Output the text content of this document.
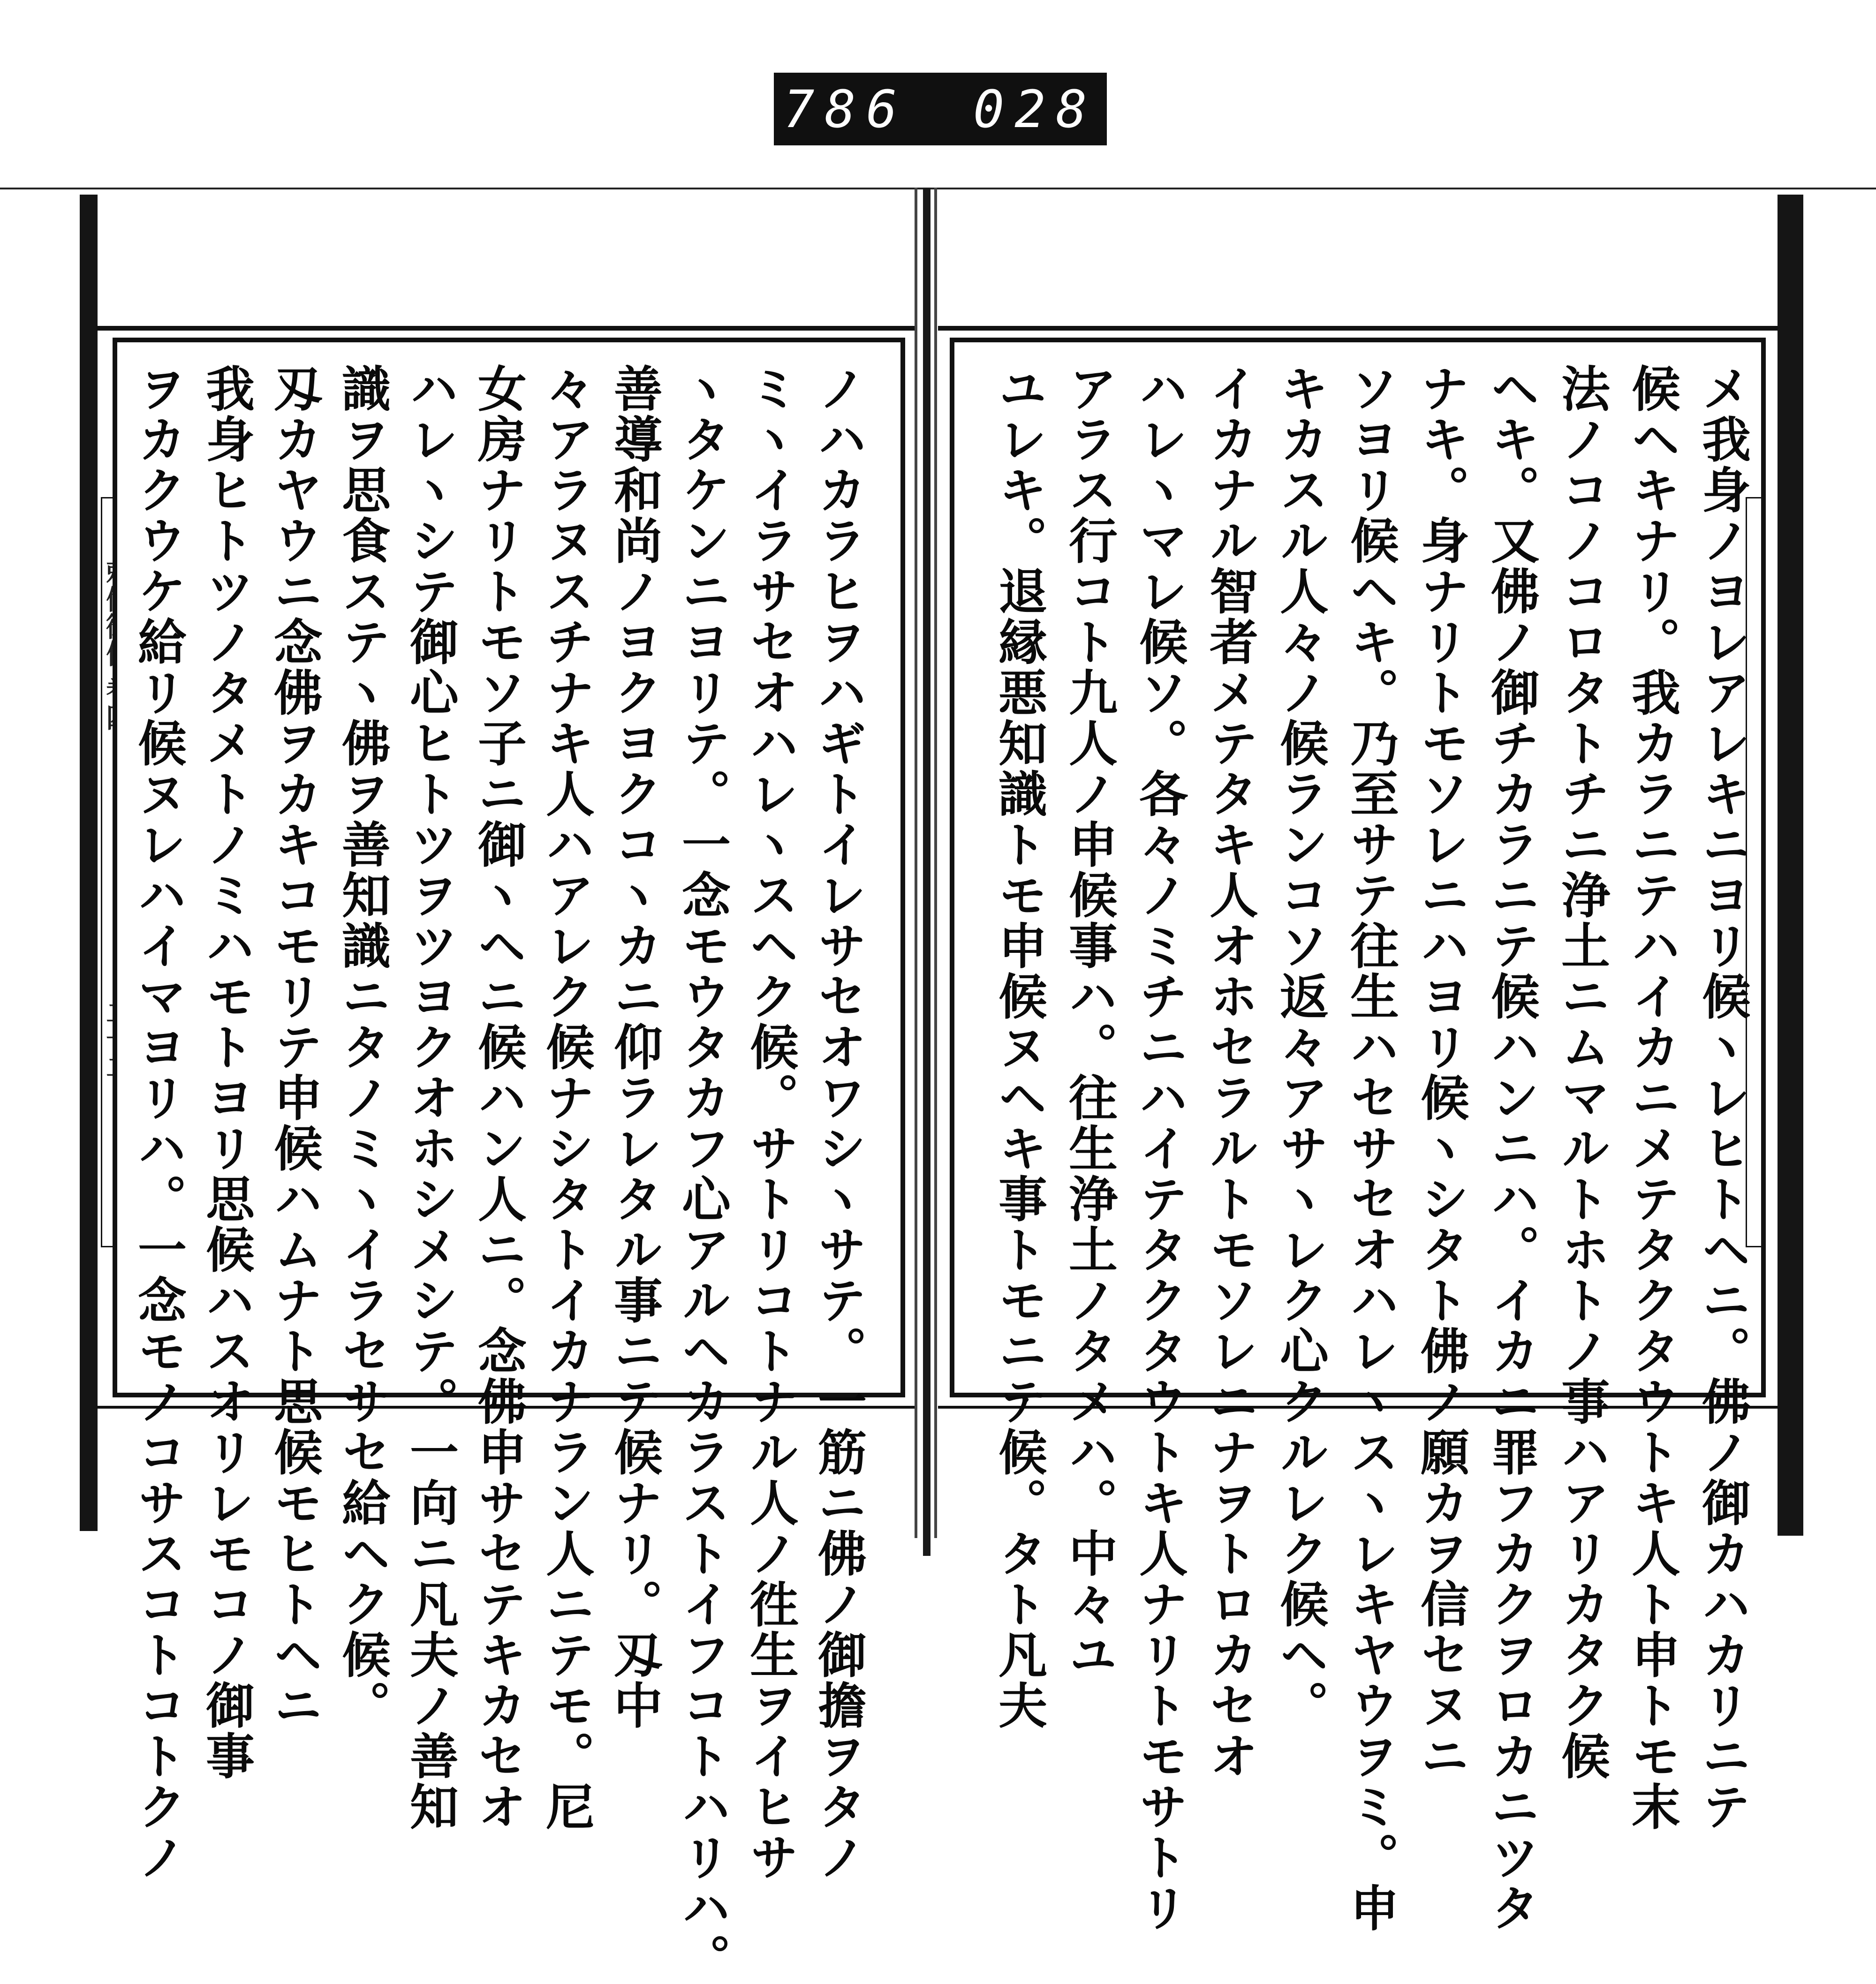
786 028
ノハカラヒヲハギトイレサセオワシヽサテ。一筋ニ佛ノ御擔ヲタノ
ミヽイラサセオハレヽスヘク候。サトリコトナル人ノ徃生ヲイヒサ
ヽタケンニヨリテ。一念モウタカフ心アルヘカラストイフコトハリハ。
善導和尚ノヨクヨクコヽカニ仰ラレタル事ニテ候ナリ。刄中
々アラヌスチナキ人ハアレク候ナシタトイカナラン人ニテモ。尼
女房ナリトモソ子ニ御ヽヘニ候ハン人ニ。念佛申サセテキカセオ
ハレヽシテ御心ヒトツヲツヨクオホシメシテ。一向ニ凡夫ノ善知
識ヲ思食ステヽ佛ヲ善知識ニタノミヽイラセサセ給ヘク候。
刄カヤウニ念佛ヲカキコモリテ申候ハムナト思候モヒトヘニ
我身ヒトツノタメトノミハモトヨリ思候ハスオリレモコノ御事
ヲカクウケ給リ候ヌレハイマヨリハ。一念モノコサスコトコトクノ	メ我身ノヨレアレキニヨリ候ヽレヒトヘニ。佛ノ御カハカリニテ
候ヘキナリ。我カラニテハイカニメテタクタウトキ人ト申トモ末
法ノコノコロタトチニ浄土ニムマルトホトノ事ハアリカタク候
ヘキ。又佛ノ御チカラニテ候ハンニハ。イカニ罪フカクヲロカニツタ
ナキ。身ナリトモソレニハヨリ候ヽシタト佛ノ願カヲ信セヌニ
ソヨリ候ヘキ。乃至サテ往生ハセサセオハレヽスヽレキヤウヲミ。申
キカスル人々ノ候ランコソ返々アサヽレク心クルレク候ヘ。
イカナル智者メテタキ人オホセラルトモソレニナヲトロカセオ
ハレヽマレ候ソ。各々ノミチニハイテタクタウトキ人ナリトモサトリ
アラス行コト九人ノ申候事ハ。往生浄土ノタメハ。中々ユ
ユレキ。退縁悪知識トモ申候ヌヘキ事トモニテ候。タト凡夫
